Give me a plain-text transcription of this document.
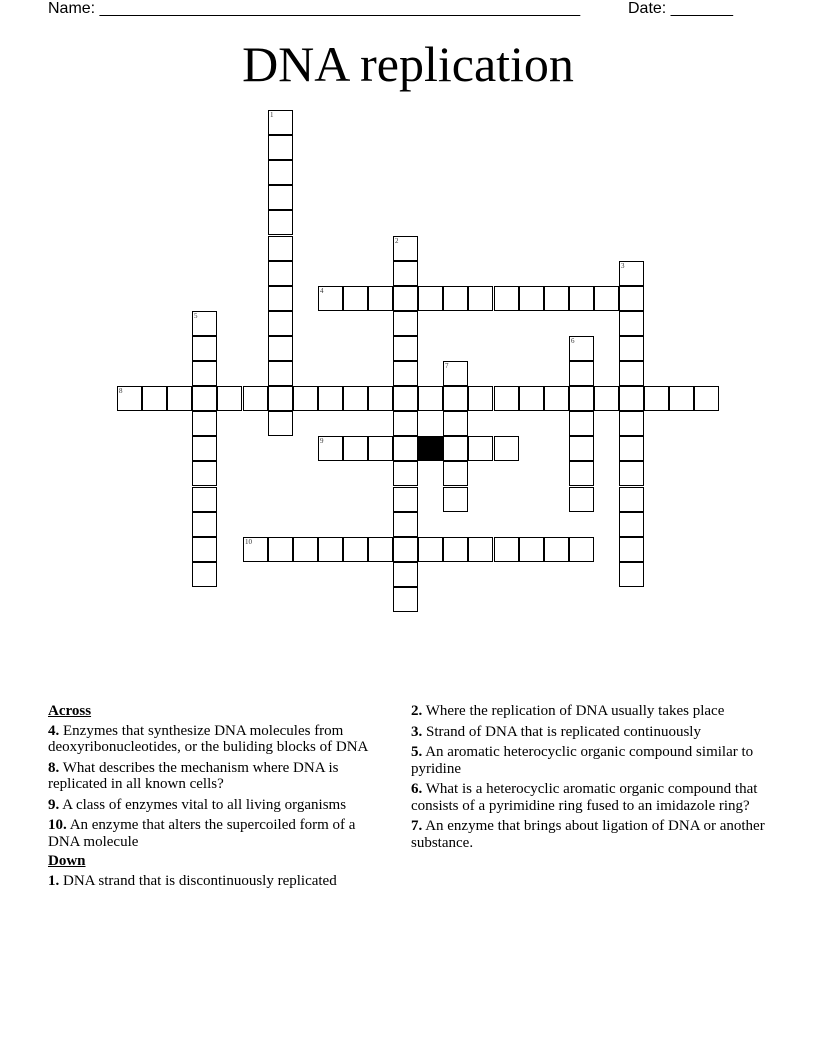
Name: ______________________________________________________	Date: _______
DNA replication
1
2
3
4
5
6
7
8
9
10
Across
4. Enzymes that synthesize DNA molecules from deoxyribonucleotides, or the buliding blocks of DNA
8. What describes the mechanism where DNA is replicated in all known cells?
9. A class of enzymes vital to all living organisms
10. An enzyme that alters the supercoiled form of a DNA molecule
Down
1. DNA strand that is discontinuously replicated
2. Where the replication of DNA usually takes place
3. Strand of DNA that is replicated continuously
5. An aromatic heterocyclic organic compound similar to pyridine
6. What is a heterocyclic aromatic organic compound that consists of a pyrimidine ring fused to an imidazole ring?
7. An enzyme that brings about ligation of DNA or another substance.
